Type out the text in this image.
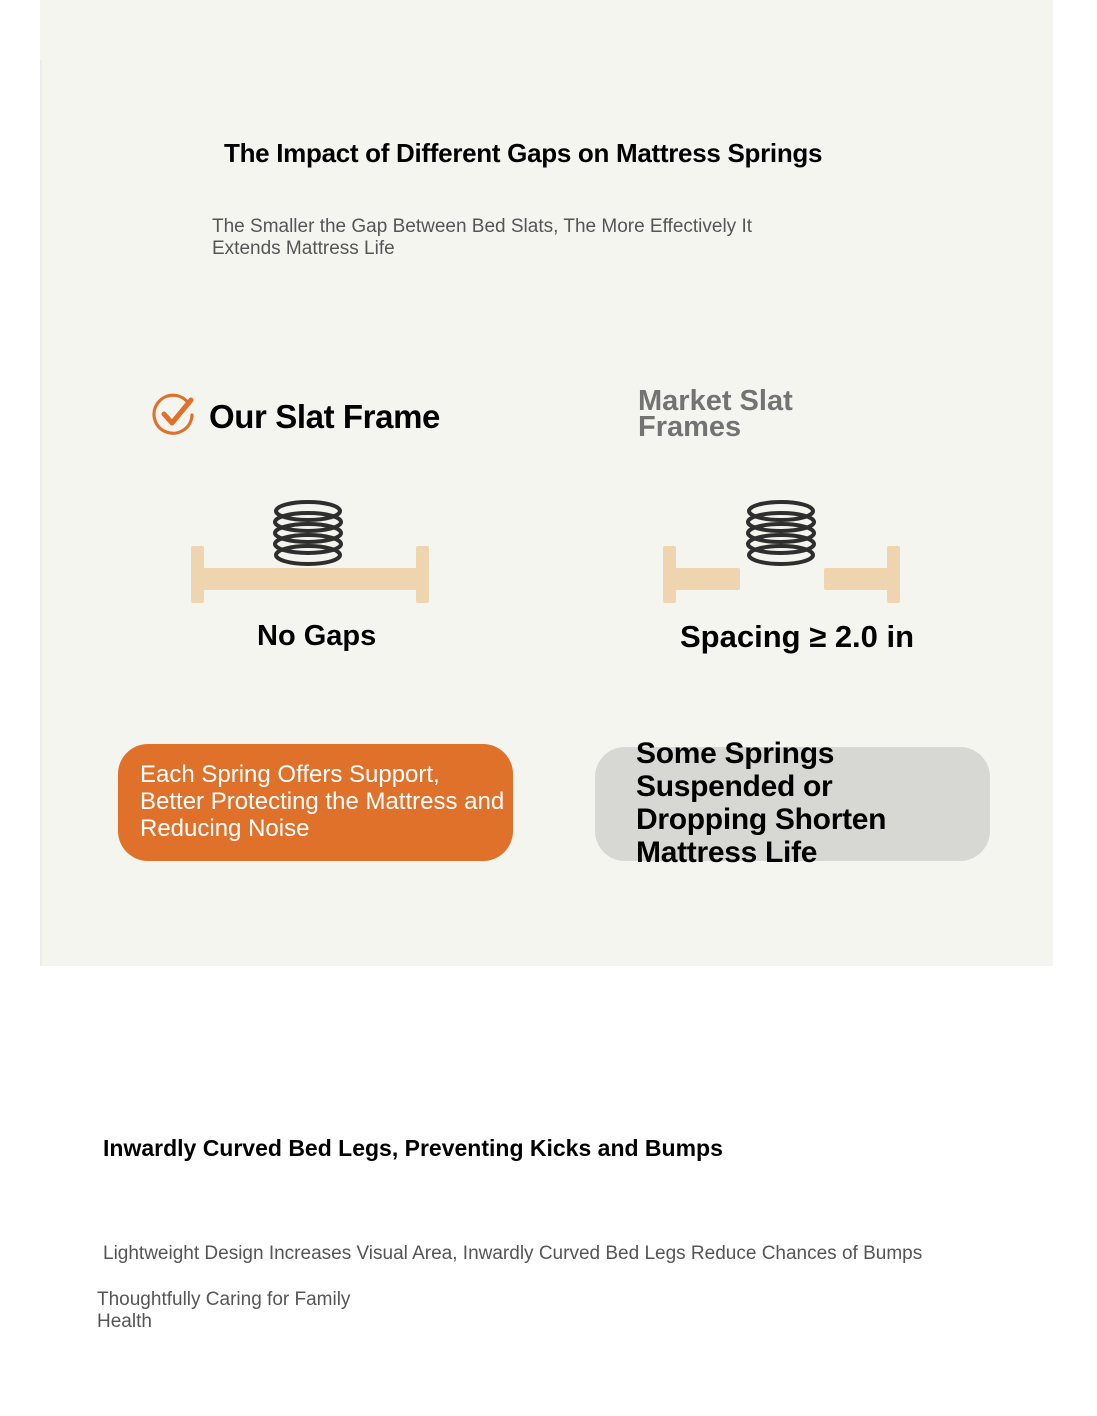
The Impact of Different Gaps on Mattress Springs
The Smaller the Gap Between Bed Slats, The More Effectively It Extends Mattress Life
Our Slat Frame	Market Slat Frames
No Gaps	Spacing ≥ 2.0 in
Each Spring Offers Support, Better Protecting the Mattress and Reducing Noise
Some Springs Suspended or Dropping Shorten Mattress Life
Inwardly Curved Bed Legs, Preventing Kicks and Bumps
Lightweight Design Increases Visual Area, Inwardly Curved Bed Legs Reduce Chances of Bumps
Thoughtfully Caring for Family Health
